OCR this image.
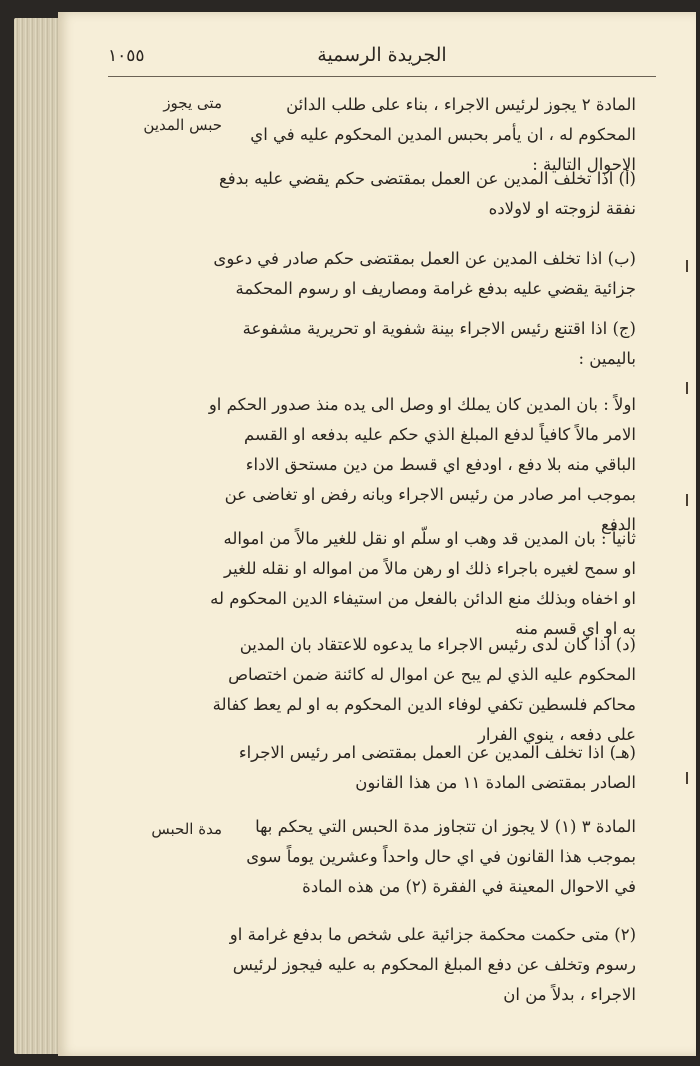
١٠٥٥	الجريدة الرسمية
متى يجوز حبس المدين
مدة الحبس
المادة ٢ يجوز لرئيس الاجراء ، بناء على طلب الدائن المحكوم له ، ان يأمر بحبس المدين المحكوم عليه في اي الاحوال التالية :
(أ) اذا تخلف المدين عن العمل بمقتضى حكم يقضي عليه بدفع نفقة لزوجته او لاولاده
(ب) اذا تخلف المدين عن العمل بمقتضى حكم صادر في دعوى جزائية يقضي عليه بدفع غرامة ومصاريف او رسوم المحكمة
(ج) اذا اقتنع رئيس الاجراء بينة شفوية او تحريرية مشفوعة باليمين :
اولاً : بان المدين كان يملك او وصل الى يده منذ صدور الحكم او الامر مالاً كافياً لدفع المبلغ الذي حكم عليه بدفعه او القسم الباقي منه بلا دفع ، اودفع اي قسط من دين مستحق الاداء بموجب امر صادر من رئيس الاجراء وبانه رفض او تغاضى عن الدفع
ثانياً : بان المدين قد وهب او سلّم او نقل للغير مالاً من امواله او سمح لغيره باجراء ذلك او رهن مالاً من امواله او نقله للغير او اخفاه وبذلك منع الدائن بالفعل من استيفاء الدين المحكوم له به او اي قسم منه
(د) اذا كان لدى رئيس الاجراء ما يدعوه للاعتقاد بان المدين المحكوم عليه الذي لم يبح عن اموال له كائنة ضمن اختصاص محاكم فلسطين تكفي لوفاء الدين المحكوم به او لم يعط كفالة على دفعه ، ينوي الفرار
(هـ) اذا تخلف المدين عن العمل بمقتضى امر رئيس الاجراء الصادر بمقتضى المادة ١١ من هذا القانون
المادة ٣ (١) لا يجوز ان تتجاوز مدة الحبس التي يحكم بها بموجب هذا القانون في اي حال واحداً وعشرين يوماً سوى في الاحوال المعينة في الفقرة (٢) من هذه المادة
(٢) متى حكمت محكمة جزائية على شخص ما بدفع غرامة او رسوم وتخلف عن دفع المبلغ المحكوم به عليه فيجوز لرئيس الاجراء ، بدلاً من ان
